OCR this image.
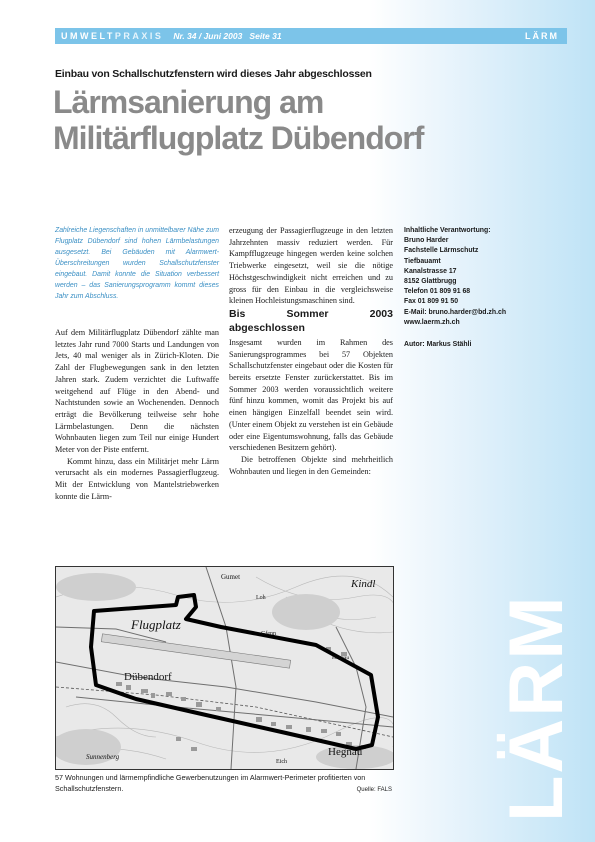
UMWELTPRAXIS Nr. 34 / Juni 2003 Seite 31	LÄRM
Einbau von Schallschutzfenstern wird dieses Jahr abgeschlossen
Lärmsanierung am
Militärflugplatz Dübendorf
Zahlreiche Liegenschaften in unmittelbarer Nähe zum Flugplatz Dübendorf sind hohen Lärmbelastungen ausgesetzt. Bei Gebäuden mit Alarmwert-Überschreitungen wurden Schallschutzfenster eingebaut. Damit konnte die Situation verbessert werden – das Sanierungsprogramm kommt dieses Jahr zum Abschluss.

Auf dem Militärflugplatz Dübendorf zählte man letztes Jahr rund 7000 Starts und Landungen von Jets, 40 mal weniger als in Zürich-Kloten. Die Zahl der Flugbewegungen sank in den letzten Jahren stark. Zudem verzichtet die Luftwaffe weitgehend auf Flüge in den Abend- und Nachtstunden sowie an Wochenenden. Dennoch erträgt die Bevölkerung teilweise sehr hohe Lärmbelastungen. Denn die nächsten Wohnbauten liegen zum Teil nur einige Hundert Meter von der Piste entfernt.

Kommt hinzu, dass ein Militärjet mehr Lärm verursacht als ein modernes Passagierflugzeug. Mit der Entwicklung von Mantelstriebwerken konnte die Lärm-

erzeugung der Passagierflugzeuge in den letzten Jahrzehnten massiv reduziert werden. Für Kampfflugzeuge hingegen werden keine solchen Triebwerke eingesetzt, weil sie die nötige Höchstgeschwindigkeit nicht erreichen und zu gross für den Einbau in die vergleichsweise kleinen Hochleistungsmaschinen sind.

Bis Sommer 2003 abgeschlossen

Insgesamt wurden im Rahmen des Sanierungsprogrammes bei 57 Objekten Schallschutzfenster eingebaut oder die Kosten für bereits ersetzte Fenster zurückerstattet. Bis im Sommer 2003 werden voraussichtlich weitere fünf hinzu kommen, womit das Projekt bis auf einen hängigen Einzelfall beendet sein wird. (Unter einem Objekt zu verstehen ist ein Gebäude oder eine Eigentumswohnung, falls das Gebäude verschiedenen Besitzern gehört).

Die betroffenen Objekte sind mehrheitlich Wohnbauten und liegen in den Gemeinden:

Inhaltliche Verantwortung:
Bruno Harder
Fachstelle Lärmschutz
Tiefbauamt
Kanalstrasse 17
8152 Glattbrugg
Telefon 01 809 91 68
Fax 01 809 91 50
E-Mail: bruno.harder@bd.zh.ch
www.laerm.zh.ch
Autor: Markus Stähli
Flugplatz
Dübendorf
Hegnau
Kindl
Sunnenberg
Gumet
Gfenn
Eich
Loh
Hegnau
57 Wohnungen und lärmempfindliche Gewerbenutzungen im Alarmwert-Perimeter profitierten von Schallschutzfenstern.	Quelle: FALS LÄRM
